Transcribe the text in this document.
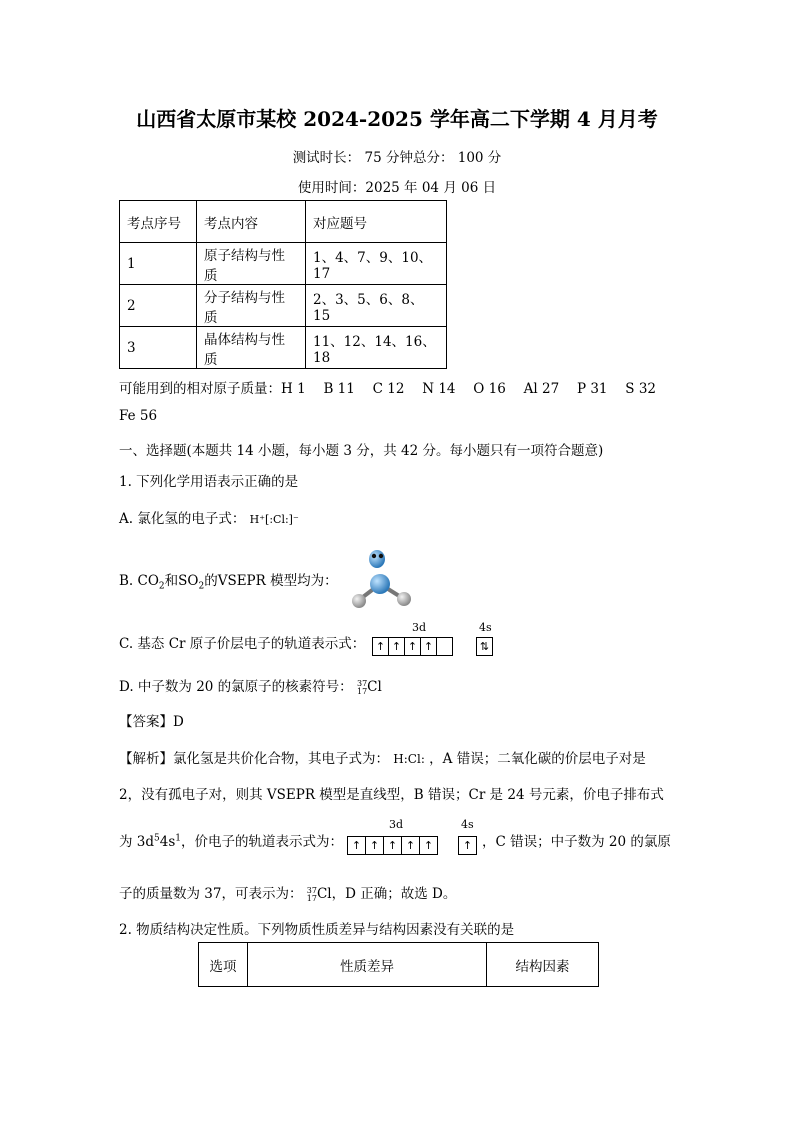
山西省太原市某校 2024-2025 学年高二下学期 4 月月考
测试时长： 75 分钟总分： 100 分
使用时间：2025 年 04 月 06 日
考点序号	考点内容	对应题号
1	原子结构与性质	1、4、7、9、10、17
2	分子结构与性质	2、3、5、6、8、15
3	晶体结构与性质	11、12、14、16、18
可能用到的相对原子质量：H 1　 B 11　 C 12　 N 14　 O 16　 Al 27　 P 31　 S 32
Fe 56
一、选择题(本题共 14 小题，每小题 3 分，共 42 分。每小题只有一项符合题意)
1. 下列化学用语表示正确的是
A. 氯化氢的电子式： H⁺[:Cl:]⁻
B. $CO_2$和$SO_2$的VSEPR 模型均为：
C. 基态 Cr 原子价层电子的轨道表示式：
3d	4s
↑ ↑ ↑ ↑	⇅
D. 中子数为 20 的氯原子的核素符号： 37
17Cl
【答案】D
【解析】氯化氢是共价化合物，其电子式为： H:Cl: ，A 错误；二氧化碳的价层电子对是
2，没有孤电子对，则其 VSEPR 模型是直线型，B 错误；Cr 是 24 号元素，价电子排布式
为 $3d^54s^1$，价电子的轨道表示式为：
3d	4s
↑ ↑ ↑ ↑ ↑	↑ ，C 错误；中子数为 20 的氯原
子的质量数为 37，可表示为： 37
17Cl，D 正确；故选 D。
2. 物质结构决定性质。下列物质性质差异与结构因素没有关联的是
选项	性质差异	结构因素
